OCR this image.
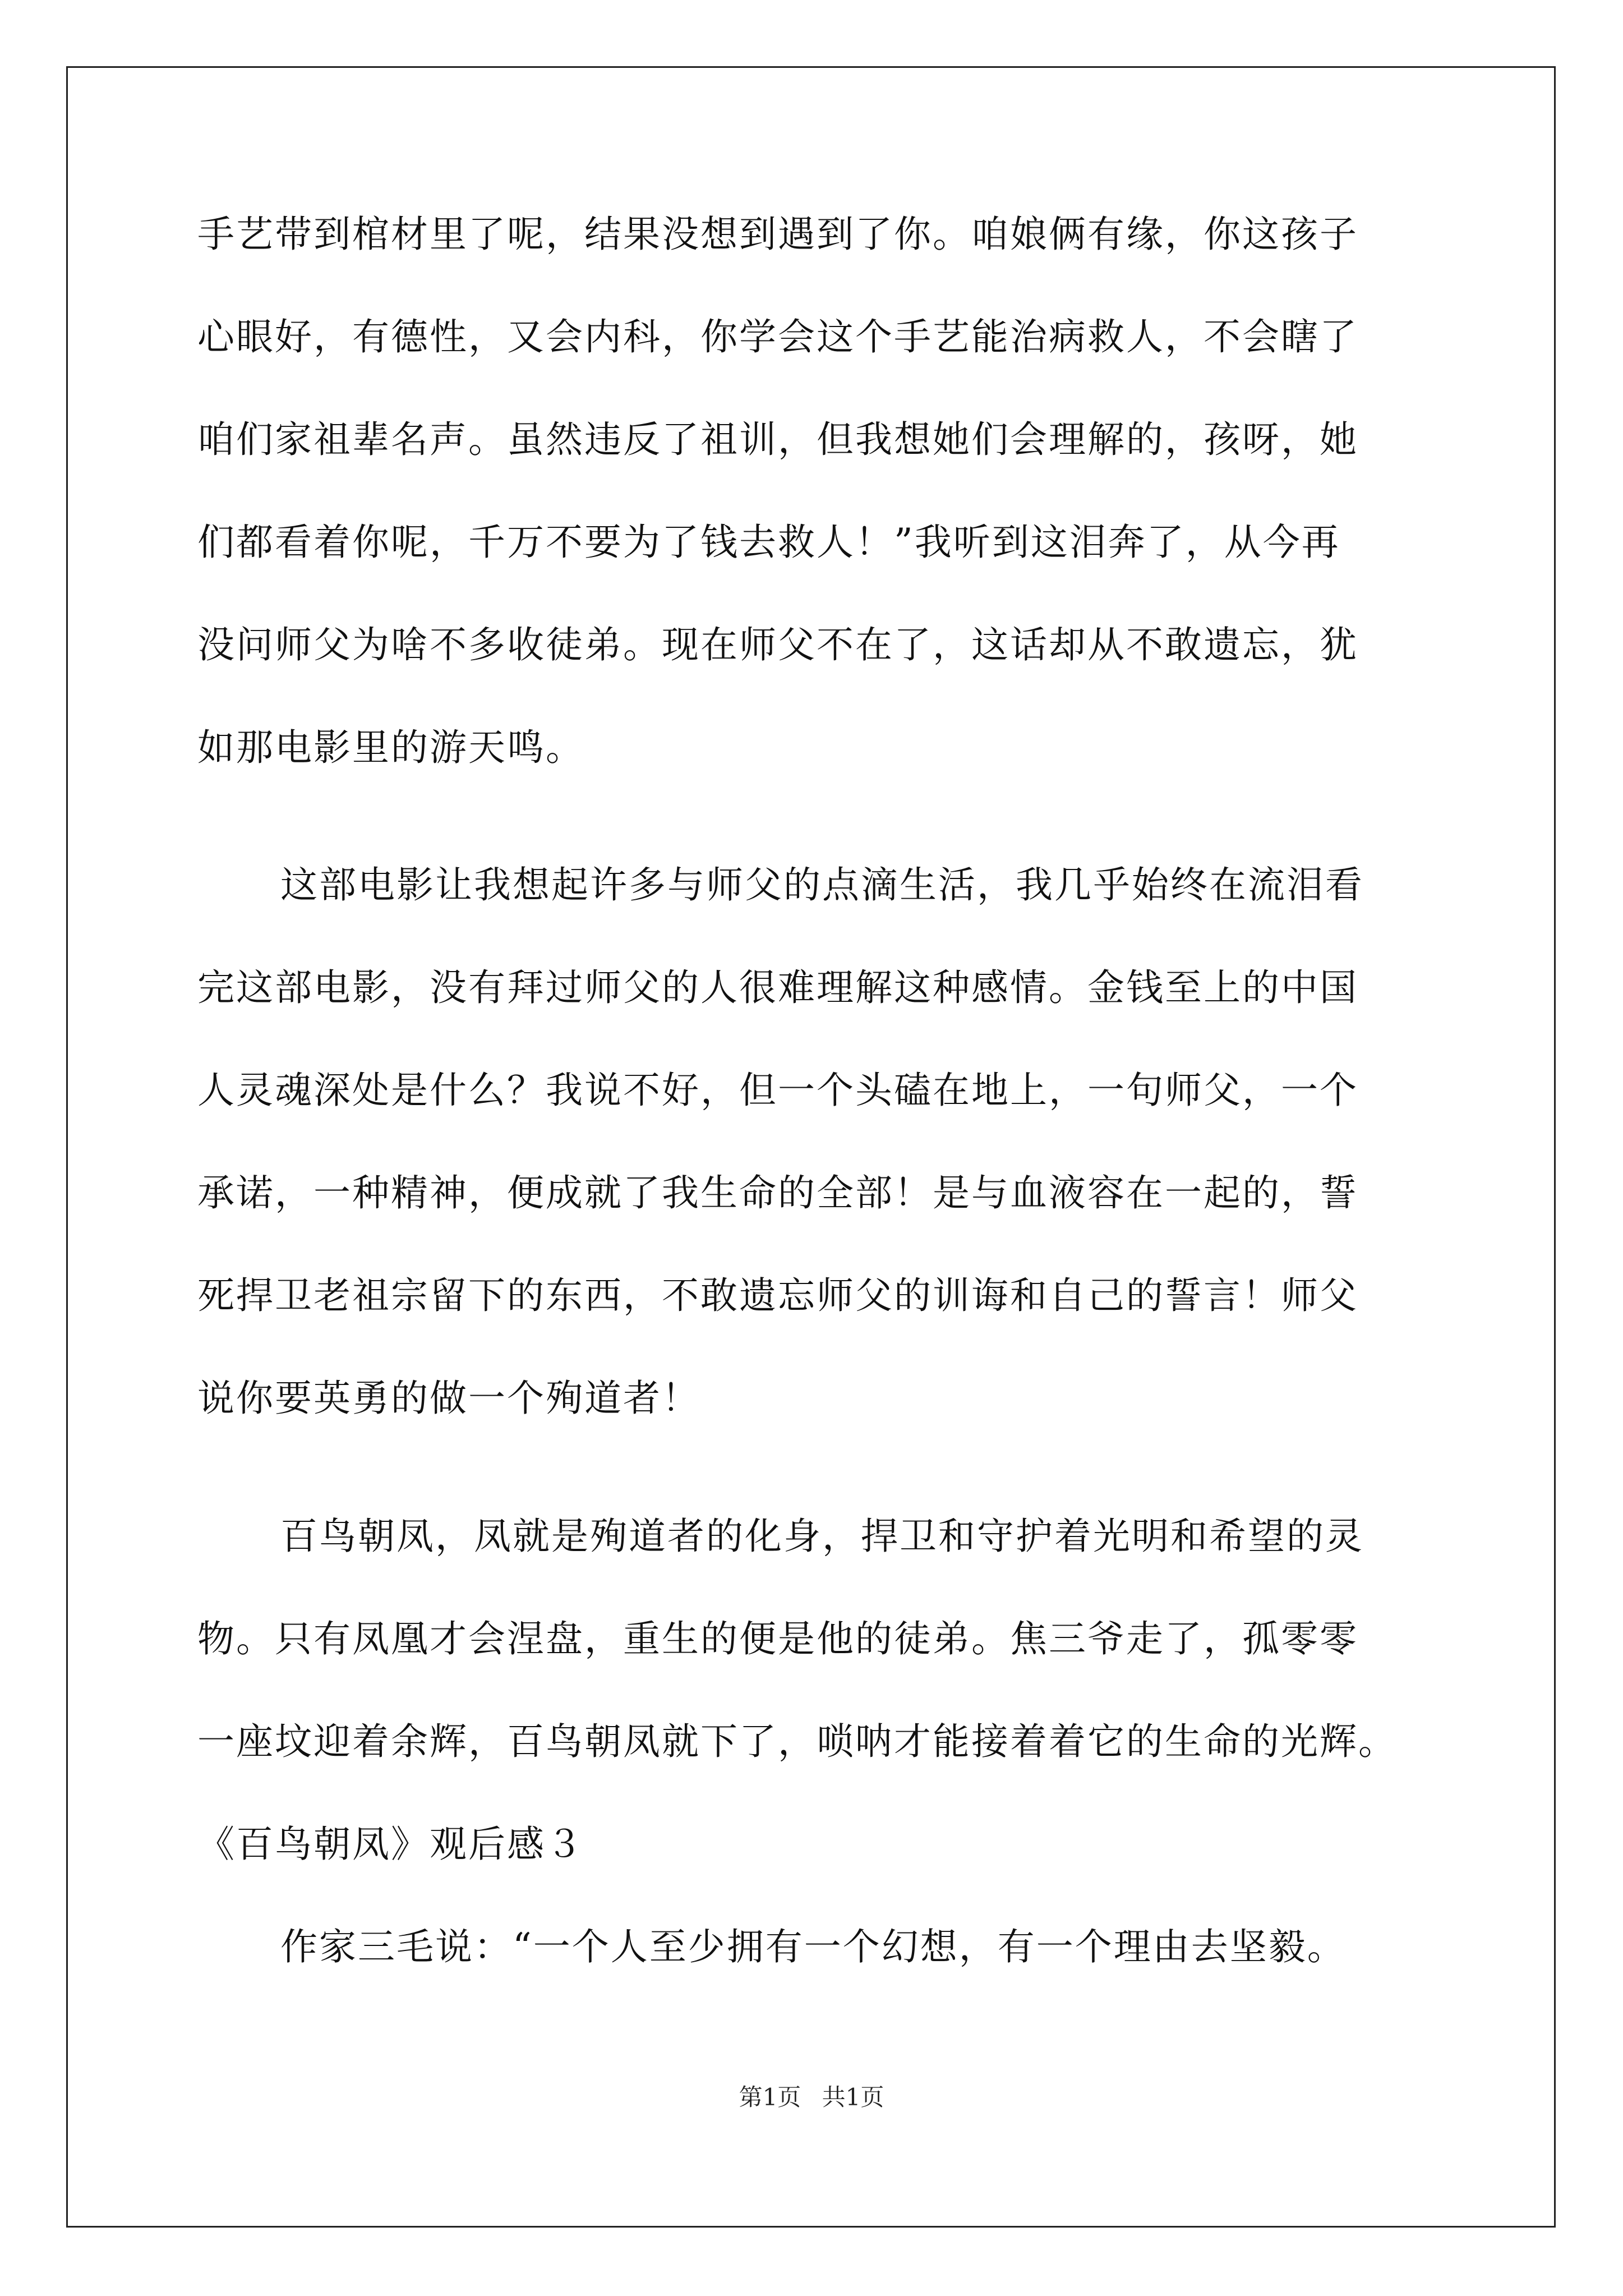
手艺带到棺材里了呢，结果没想到遇到了你。咱娘俩有缘，你这孩子

心眼好，有德性，又会内科，你学会这个手艺能治病救人，不会瞎了

咱们家祖辈名声。虽然违反了祖训，但我想她们会理解的，孩呀，她

们都看着你呢，千万不要为了钱去救人！”我听到这泪奔了，从今再

没问师父为啥不多收徒弟。现在师父不在了，这话却从不敢遗忘，犹

如那电影里的游天鸣。

这部电影让我想起许多与师父的点滴生活，我几乎始终在流泪看

完这部电影，没有拜过师父的人很难理解这种感情。金钱至上的中国

人灵魂深处是什么？我说不好，但一个头磕在地上，一句师父，一个

承诺，一种精神，便成就了我生命的全部！是与血液容在一起的，誓

死捍卫老祖宗留下的东西，不敢遗忘师父的训诲和自己的誓言！师父

说你要英勇的做一个殉道者！

百鸟朝凤，凤就是殉道者的化身，捍卫和守护着光明和希望的灵

物。只有凤凰才会涅盘，重生的便是他的徒弟。焦三爷走了，孤零零

一座坟迎着余辉，百鸟朝凤就下了，唢呐才能接着着它的生命的光辉。

《百鸟朝凤》观后感３

作家三毛说：“一个人至少拥有一个幻想，有一个理由去坚毅。

第1页 共1页
